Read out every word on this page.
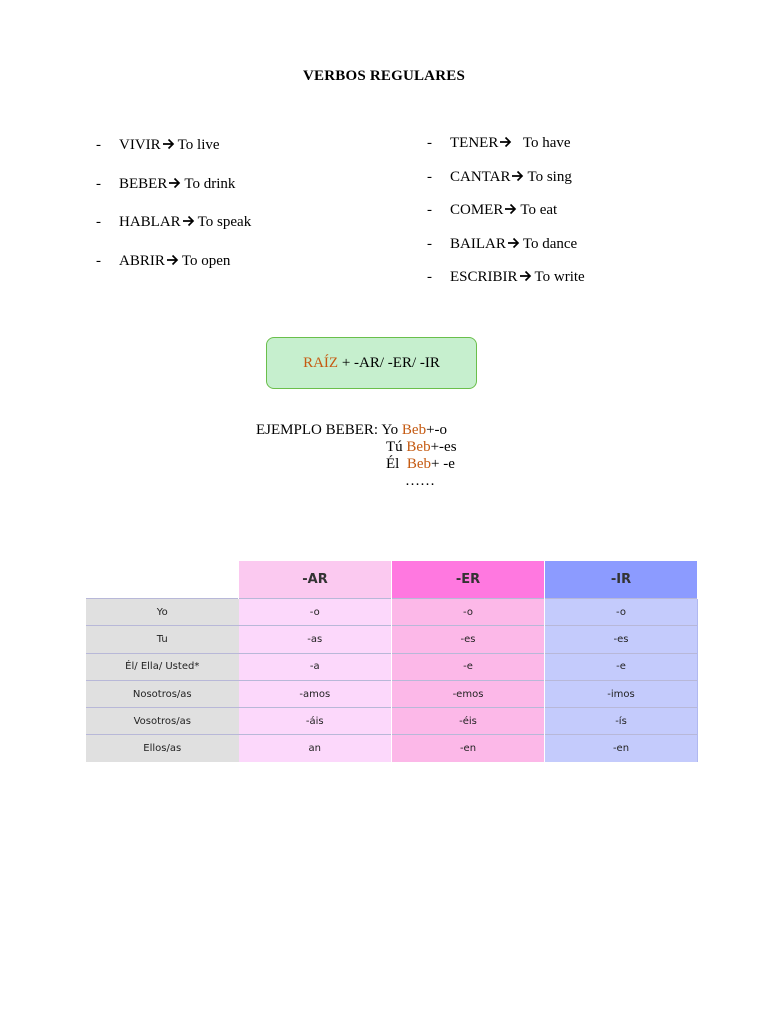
VERBOS REGULARES
- VIVIR To live
- BEBER To drink
- HABLAR To speak
- ABRIR To open
- TENER To have
- CANTAR To sing
- COMER To eat
- BAILAR To dance
- ESCRIBIR To write
RAÍZ + -AR/ -ER/ -IR
EJEMPLO BEBER: Yo Beb+-o
Tú Beb+-es
Él Beb+ -e
……
	-AR	-ER	-IR
Yo	-o	-o	-o
Tu	-as	-es	-es
Él/ Ella/ Usted*	-a	-e	-e
Nosotros/as	-amos	-emos	-imos
Vosotros/as	-áis	-éis	-ís
Ellos/as	an	-en	-en
